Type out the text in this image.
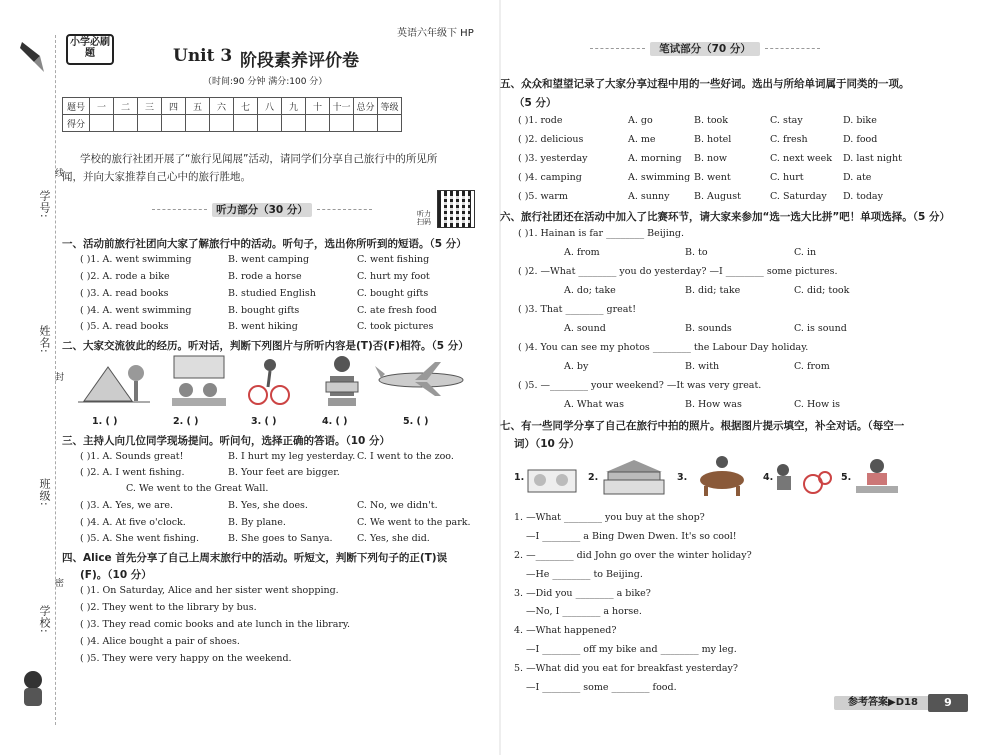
学号:
线
姓名:
封
班级:
密
学校:
小学必刷题
英语六年级下 HP
Unit 3 阶段素养评价卷
（时间:90 分钟 满分:100 分）
题号	一	二	三	四	五	六	七	八	九	十	十一	总分	等级
得分													
学校的旅行社团开展了“旅行见闻展”活动，请同学们分享自己旅行中的所见所
闻，并向大家推荐自己心中的旅行胜地。
听力部分（30 分）	听力扫码
一、活动前旅行社团向大家了解旅行中的活动。听句子，选出你所听到的短语。（5 分）
( )1. A. went swimming	B. went camping	C. went fishing
( )2. A. rode a bike	B. rode a horse	C. hurt my foot
( )3. A. read books	B. studied English	C. bought gifts
( )4. A. went swimming	B. bought gifts	C. ate fresh food
( )5. A. read books	B. went hiking	C. took pictures
二、大家交流彼此的经历。听对话，判断下列图片与所听内容是(T)否(F)相符。（5 分）
1. ( )	2. ( )	3. ( )	4. ( )	5. ( )
三、主持人向几位同学现场提问。听问句，选择正确的答语。（10 分）
( )1. A. Sounds great!	B. I hurt my leg yesterday. C. I went to the zoo.
( )2. A. I went fishing.	B. Your feet are bigger.
C. We went to the Great Wall.
( )3. A. Yes, we are.	B. Yes, she does.	C. No, we didn't.
( )4. A. At five o'clock.	B. By plane.	C. We went to the park.
( )5. A. She went fishing.	B. She goes to Sanya.	C. Yes, she did.
四、Alice 首先分享了自己上周末旅行中的活动。听短文，判断下列句子的正(T)误
(F)。（10 分）
( )1. On Saturday, Alice and her sister went shopping.
( )2. They went to the library by bus.
( )3. They read comic books and ate lunch in the library.
( )4. Alice bought a pair of shoes.
( )5. They were very happy on the weekend.
笔试部分（70 分）
五、众众和望望记录了大家分享过程中用的一些好词。选出与所给单词属于同类的一项。
（5 分）
( )1. rode	A. go	B. took	C. stay	D. bike
( )2. delicious	A. me	B. hotel	C. fresh	D. food
( )3. yesterday	A. morning B. now	C. next week D. last night
( )4. camping	A. swimming B. went	C. hurt	D. ate
( )5. warm	A. sunny	B. August	C. Saturday D. today
六、旅行社团还在活动中加入了比赛环节，请大家来参加“选一选大比拼”吧！单项选择。（5 分）
( )1. Hainan is far ________ Beijing.
A. from	B. to	C. in
( )2. —What ________ you do yesterday? —I ________ some pictures.
A. do; take	B. did; take	C. did; took
( )3. That ________ great!
A. sound	B. sounds	C. is sound
( )4. You can see my photos ________ the Labour Day holiday.
A. by	B. with	C. from
( )5. —________ your weekend? —It was very great.
A. What was	B. How was	C. How is
七、有一些同学分享了自己在旅行中拍的照片。根据图片提示填空，补全对话。（每空一
词）（10 分）
1.	2.	3.	4.	5.
1. —What ________ you buy at the shop?
—I ________ a Bing Dwen Dwen. It's so cool!
2. —________ did John go over the winter holiday?
—He ________ to Beijing.
3. —Did you ________ a bike?
—No, I ________ a horse.
4. —What happened?
—I ________ off my bike and ________ my leg.
5. —What did you eat for breakfast yesterday?
—I ________ some ________ food.
参考答案▶D18	9
